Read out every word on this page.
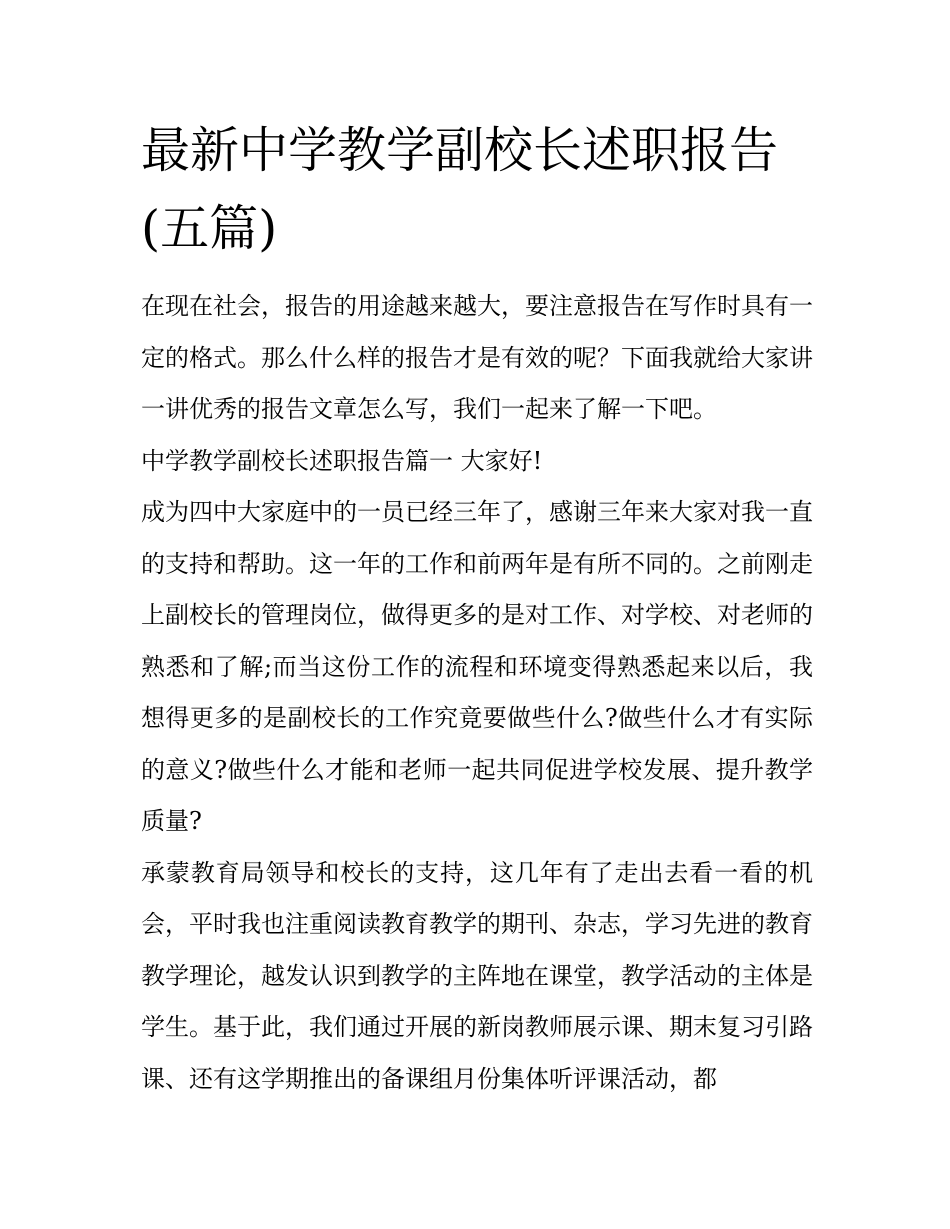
最新中学教学副校长述职报告(五篇)

在现在社会，报告的用途越来越大，要注意报告在写作时具有一定的格式。那么什么样的报告才是有效的呢？下面我就给大家讲一讲优秀的报告文章怎么写，我们一起来了解一下吧。

中学教学副校长述职报告篇一 大家好!

成为四中大家庭中的一员已经三年了，感谢三年来大家对我一直的支持和帮助。这一年的工作和前两年是有所不同的。之前刚走上副校长的管理岗位，做得更多的是对工作、对学校、对老师的熟悉和了解;而当这份工作的流程和环境变得熟悉起来以后，我想得更多的是副校长的工作究竟要做些什么?做些什么才有实际的意义?做些什么才能和老师一起共同促进学校发展、提升教学质量?

承蒙教育局领导和校长的支持，这几年有了走出去看一看的机会，平时我也注重阅读教育教学的期刊、杂志，学习先进的教育教学理论，越发认识到教学的主阵地在课堂，教学活动的主体是学生。基于此，我们通过开展的新岗教师展示课、期末复习引路课、还有这学期推出的备课组月份集体听评课活动，都
